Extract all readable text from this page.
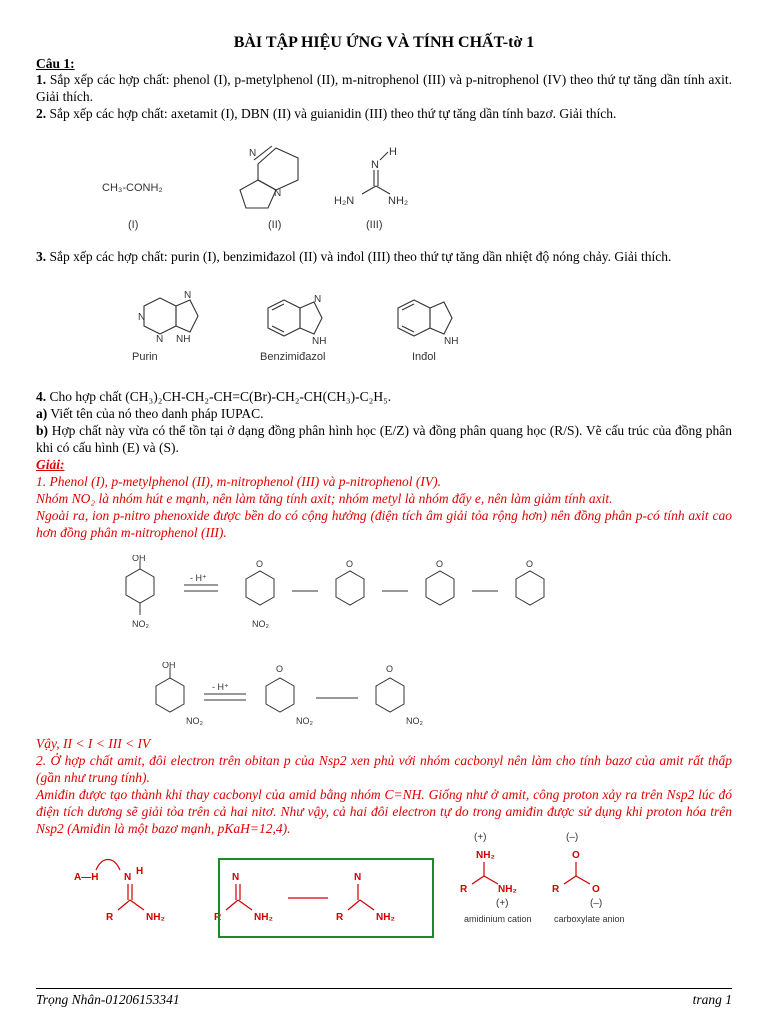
BÀI TẬP HIỆU ỨNG VÀ TÍNH CHẤT-tờ 1
Câu 1:
1. Sắp xếp các hợp chất: phenol (I), p-metylphenol (II), m-nitrophenol (III) và p-nitrophenol (IV) theo thứ tự tăng dần tính axit. Giải thích.
2. Sắp xếp các hợp chất: axetamit (I), DBN (II) và guianidin (III) theo thứ tự tăng dần tính bazơ. Giải thích.
CH₃-CONH₂
N
N
N
H
H₂N	NH₂
(I)	(II)	(III)
3. Sắp xếp các hợp chất: purin (I), benzimiđazol (II) và inđol (III) theo thứ tự tăng dần nhiệt độ nóng chảy. Giải thích.
N
N
N
NH
Purin
N
NH
Benzimiđazol
NH
Inđol
4. Cho hợp chất (CH₃)₂CH-CH₂-CH=C(Br)-CH₂-CH(CH₃)-C₂H₅.
a) Viết tên của nó theo danh pháp IUPAC.
b) Hợp chất này vừa có thể tồn tại ở dạng đồng phân hình học (E/Z) và đồng phân quang học (R/S). Vẽ cấu trúc của đồng phân khi có cấu hình (E) và (S).
Giải:
1. Phenol (I), p-metylphenol (II), m-nitrophenol (III) và p-nitrophenol (IV).
Nhóm NO₂ là nhóm hút e mạnh, nên làm tăng tính axit; nhóm metyl là nhóm đẩy e, nên làm giảm tính axit.
Ngoài ra, ion p-nitro phenoxide được bền do có cộng hưởng (điện tích âm giải tỏa rộng hơn) nên đồng phân p-có tính axit cao hơn đồng phân m-nitrophenol (III).
OH
NO₂
- H⁺
O
NO₂
O	O	O
OH
NO₂
- H⁺
O
NO₂
O
NO₂
Vậy, II < I < III < IV
2. Ở hợp chất amit, đôi electron trên obitan p của Nsp2 xen phủ với nhóm cacbonyl nên làm cho tính bazơ của amit rất thấp (gần như trung tính).
Amiđin được tạo thành khi thay cacbonyl của amid bằng nhóm C=NH. Giống như ở amit, công proton xảy ra trên Nsp2 lúc đó điện tích dương sẽ giải tỏa trên cả hai nitơ. Như vậy, cả hai đôi electron tự do trong amiđin được sử dụng khi proton hóa trên Nsp2 (Amiđin là một bazơ mạnh, pKaH=12,4).
A—H	N
H
R	NH₂
N
R	NH₂
N
R	NH₂
(+)
NH₂
R	NH₂
(+)
amidinium cation
(–)
O
R	O
(–)
carboxylate anion
Trọng Nhân-01206153341	trang 1
